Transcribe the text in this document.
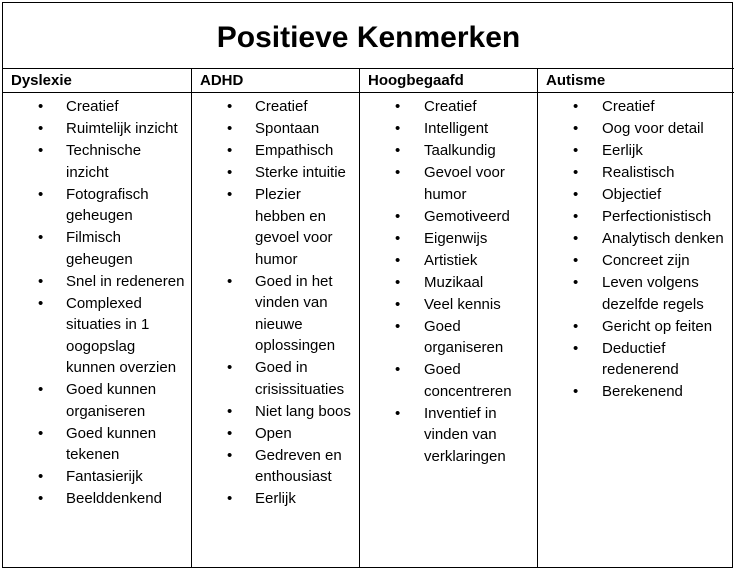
Positieve Kenmerken
Dyslexie
• Creatief
• Ruimtelijk inzicht
• Technische inzicht
• Fotografisch geheugen
• Filmisch geheugen
• Snel in redeneren
• Complexed situaties in 1 oogopslag kunnen overzien
• Goed kunnen organiseren
• Goed kunnen tekenen
• Fantasierijk
• Beelddenkend
ADHD
• Creatief
• Spontaan
• Empathisch
• Sterke intuitie
• Plezier hebben en gevoel voor humor
• Goed in het vinden van nieuwe oplossingen
• Goed in crisissituaties
• Niet lang boos
• Open
• Gedreven en enthousiast
• Eerlijk
Hoogbegaafd
• Creatief
• Intelligent
• Taalkundig
• Gevoel voor humor
• Gemotiveerd
• Eigenwijs
• Artistiek
• Muzikaal
• Veel kennis
• Goed organiseren
• Goed concentreren
• Inventief in vinden van verklaringen
Autisme
• Creatief
• Oog voor detail
• Eerlijk
• Realistisch
• Objectief
• Perfectionistisch
• Analytisch denken
• Concreet zijn
• Leven volgens dezelfde regels
• Gericht op feiten
• Deductief redenerend
• Berekenend
